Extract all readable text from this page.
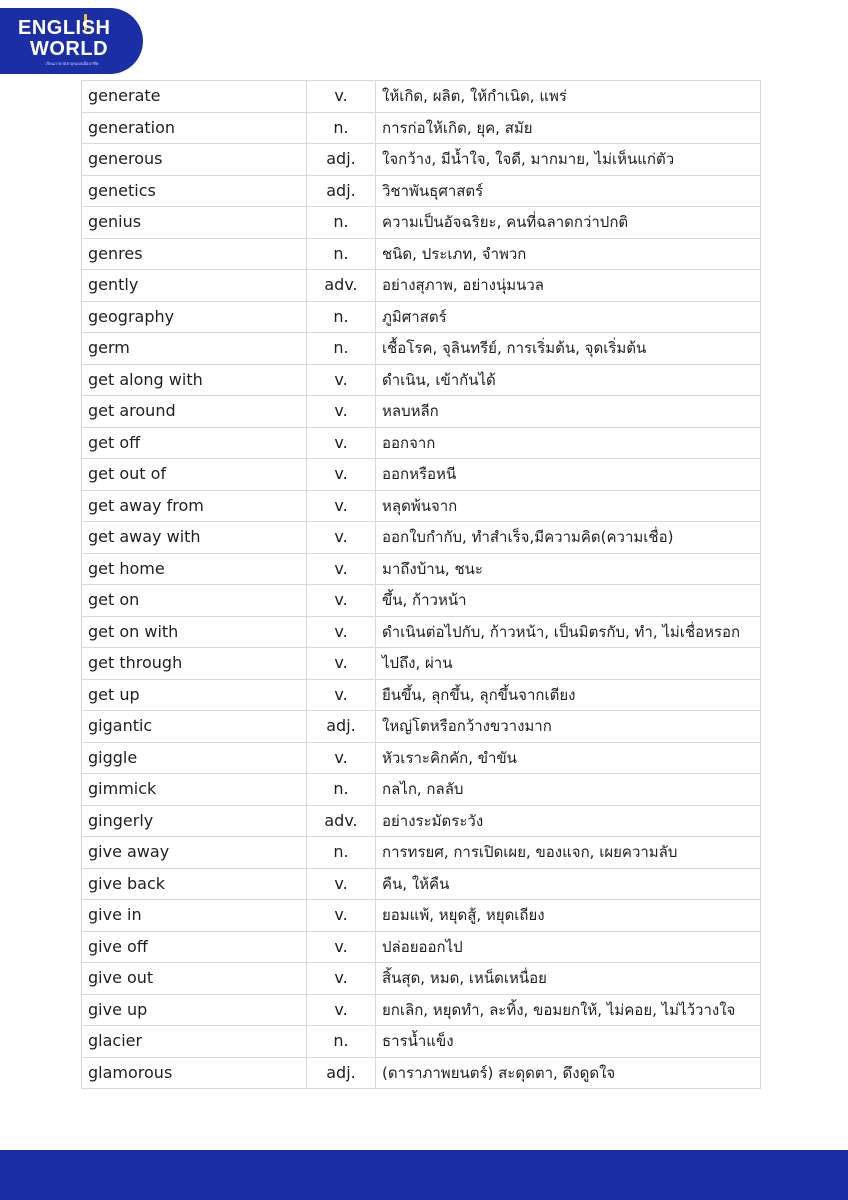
ENGLISH
WORLD
เรียนภาษาอังกฤษแบบมืออาชีพ
generate	v.	ให้เกิด, ผลิต, ให้กำเนิด, แพร่
generation	n.	การก่อให้เกิด, ยุค, สมัย
generous	adj.	ใจกว้าง, มีน้ำใจ, ใจดี, มากมาย, ไม่เห็นแก่ตัว
genetics	adj.	วิชาพันธุศาสตร์
genius	n.	ความเป็นอัจฉริยะ, คนที่ฉลาดกว่าปกติ
genres	n.	ชนิด, ประเภท, จำพวก
gently	adv.	อย่างสุภาพ, อย่างนุ่มนวล
geography	n.	ภูมิศาสตร์
germ	n.	เชื้อโรค, จุลินทรีย์, การเริ่มต้น, จุดเริ่มต้น
get along with	v.	ดำเนิน, เข้ากันได้
get around	v.	หลบหลีก
get off	v.	ออกจาก
get out of	v.	ออกหรือหนี
get away from	v.	หลุดพ้นจาก
get away with	v.	ออกใบกำกับ, ทำสำเร็จ,มีความคิด(ความเชื่อ)
get home	v.	มาถึงบ้าน, ชนะ
get on	v.	ขึ้น, ก้าวหน้า
get on with	v.	ดำเนินต่อไปกับ, ก้าวหน้า, เป็นมิตรกับ, ทำ, ไม่เชื่อหรอก
get through	v.	ไปถึง, ผ่าน
get up	v.	ยืนขึ้น, ลุกขึ้น, ลุกขึ้นจากเตียง
gigantic	adj.	ใหญ่โตหรือกว้างขวางมาก
giggle	v.	หัวเราะคิกคัก, ขำขัน
gimmick	n.	กลไก, กลลับ
gingerly	adv.	อย่างระมัดระวัง
give away	n.	การทรยศ, การเปิดเผย, ของแจก, เผยความลับ
give back	v.	คืน, ให้คืน
give in	v.	ยอมแพ้, หยุดสู้, หยุดเถียง
give off	v.	ปล่อยออกไป
give out	v.	สิ้นสุด, หมด, เหน็ดเหนื่อย
give up	v.	ยกเลิก, หยุดทำ, ละทิ้ง, ขอมยกให้, ไม่คอย, ไม่ไว้วางใจ
glacier	n.	ธารน้ำแข็ง
glamorous	adj.	(ดาราภาพยนตร์) สะดุดตา, ดึงดูดใจ
